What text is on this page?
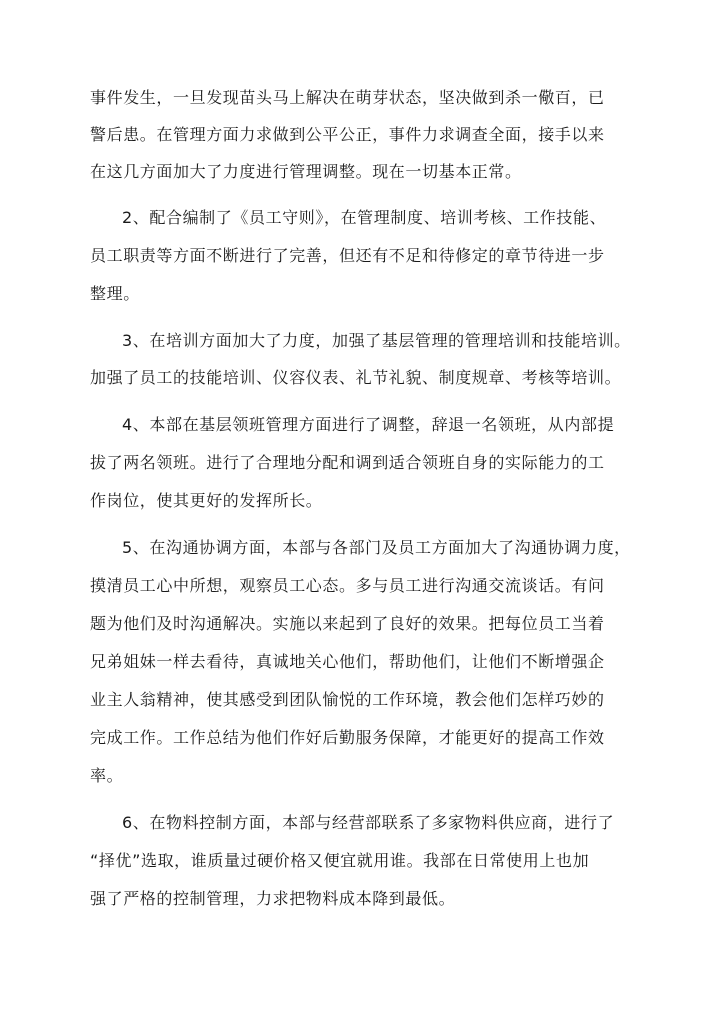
事件发生，一旦发现苗头马上解决在萌芽状态，坚决做到杀一儆百，已
警后患。在管理方面力求做到公平公正，事件力求调查全面，接手以来
在这几方面加大了力度进行管理调整。现在一切基本正常。
2、配合编制了《员工守则》，在管理制度、培训考核、工作技能、
员工职责等方面不断进行了完善，但还有不足和待修定的章节待进一步
整理。
3、在培训方面加大了力度，加强了基层管理的管理培训和技能培训。
加强了员工的技能培训、仪容仪表、礼节礼貌、制度规章、考核等培训。
4、本部在基层领班管理方面进行了调整，辞退一名领班，从内部提
拔了两名领班。进行了合理地分配和调到适合领班自身的实际能力的工
作岗位，使其更好的发挥所长。
5、在沟通协调方面，本部与各部门及员工方面加大了沟通协调力度，
摸清员工心中所想，观察员工心态。多与员工进行沟通交流谈话。有问
题为他们及时沟通解决。实施以来起到了良好的效果。把每位员工当着
兄弟姐妹一样去看待，真诚地关心他们，帮助他们，让他们不断增强企
业主人翁精神，使其感受到团队愉悦的工作环境，教会他们怎样巧妙的
完成工作。工作总结为他们作好后勤服务保障，才能更好的提高工作效
率。
6、在物料控制方面，本部与经营部联系了多家物料供应商，进行了
“择优”选取，谁质量过硬价格又便宜就用谁。我部在日常使用上也加
强了严格的控制管理，力求把物料成本降到最低。
